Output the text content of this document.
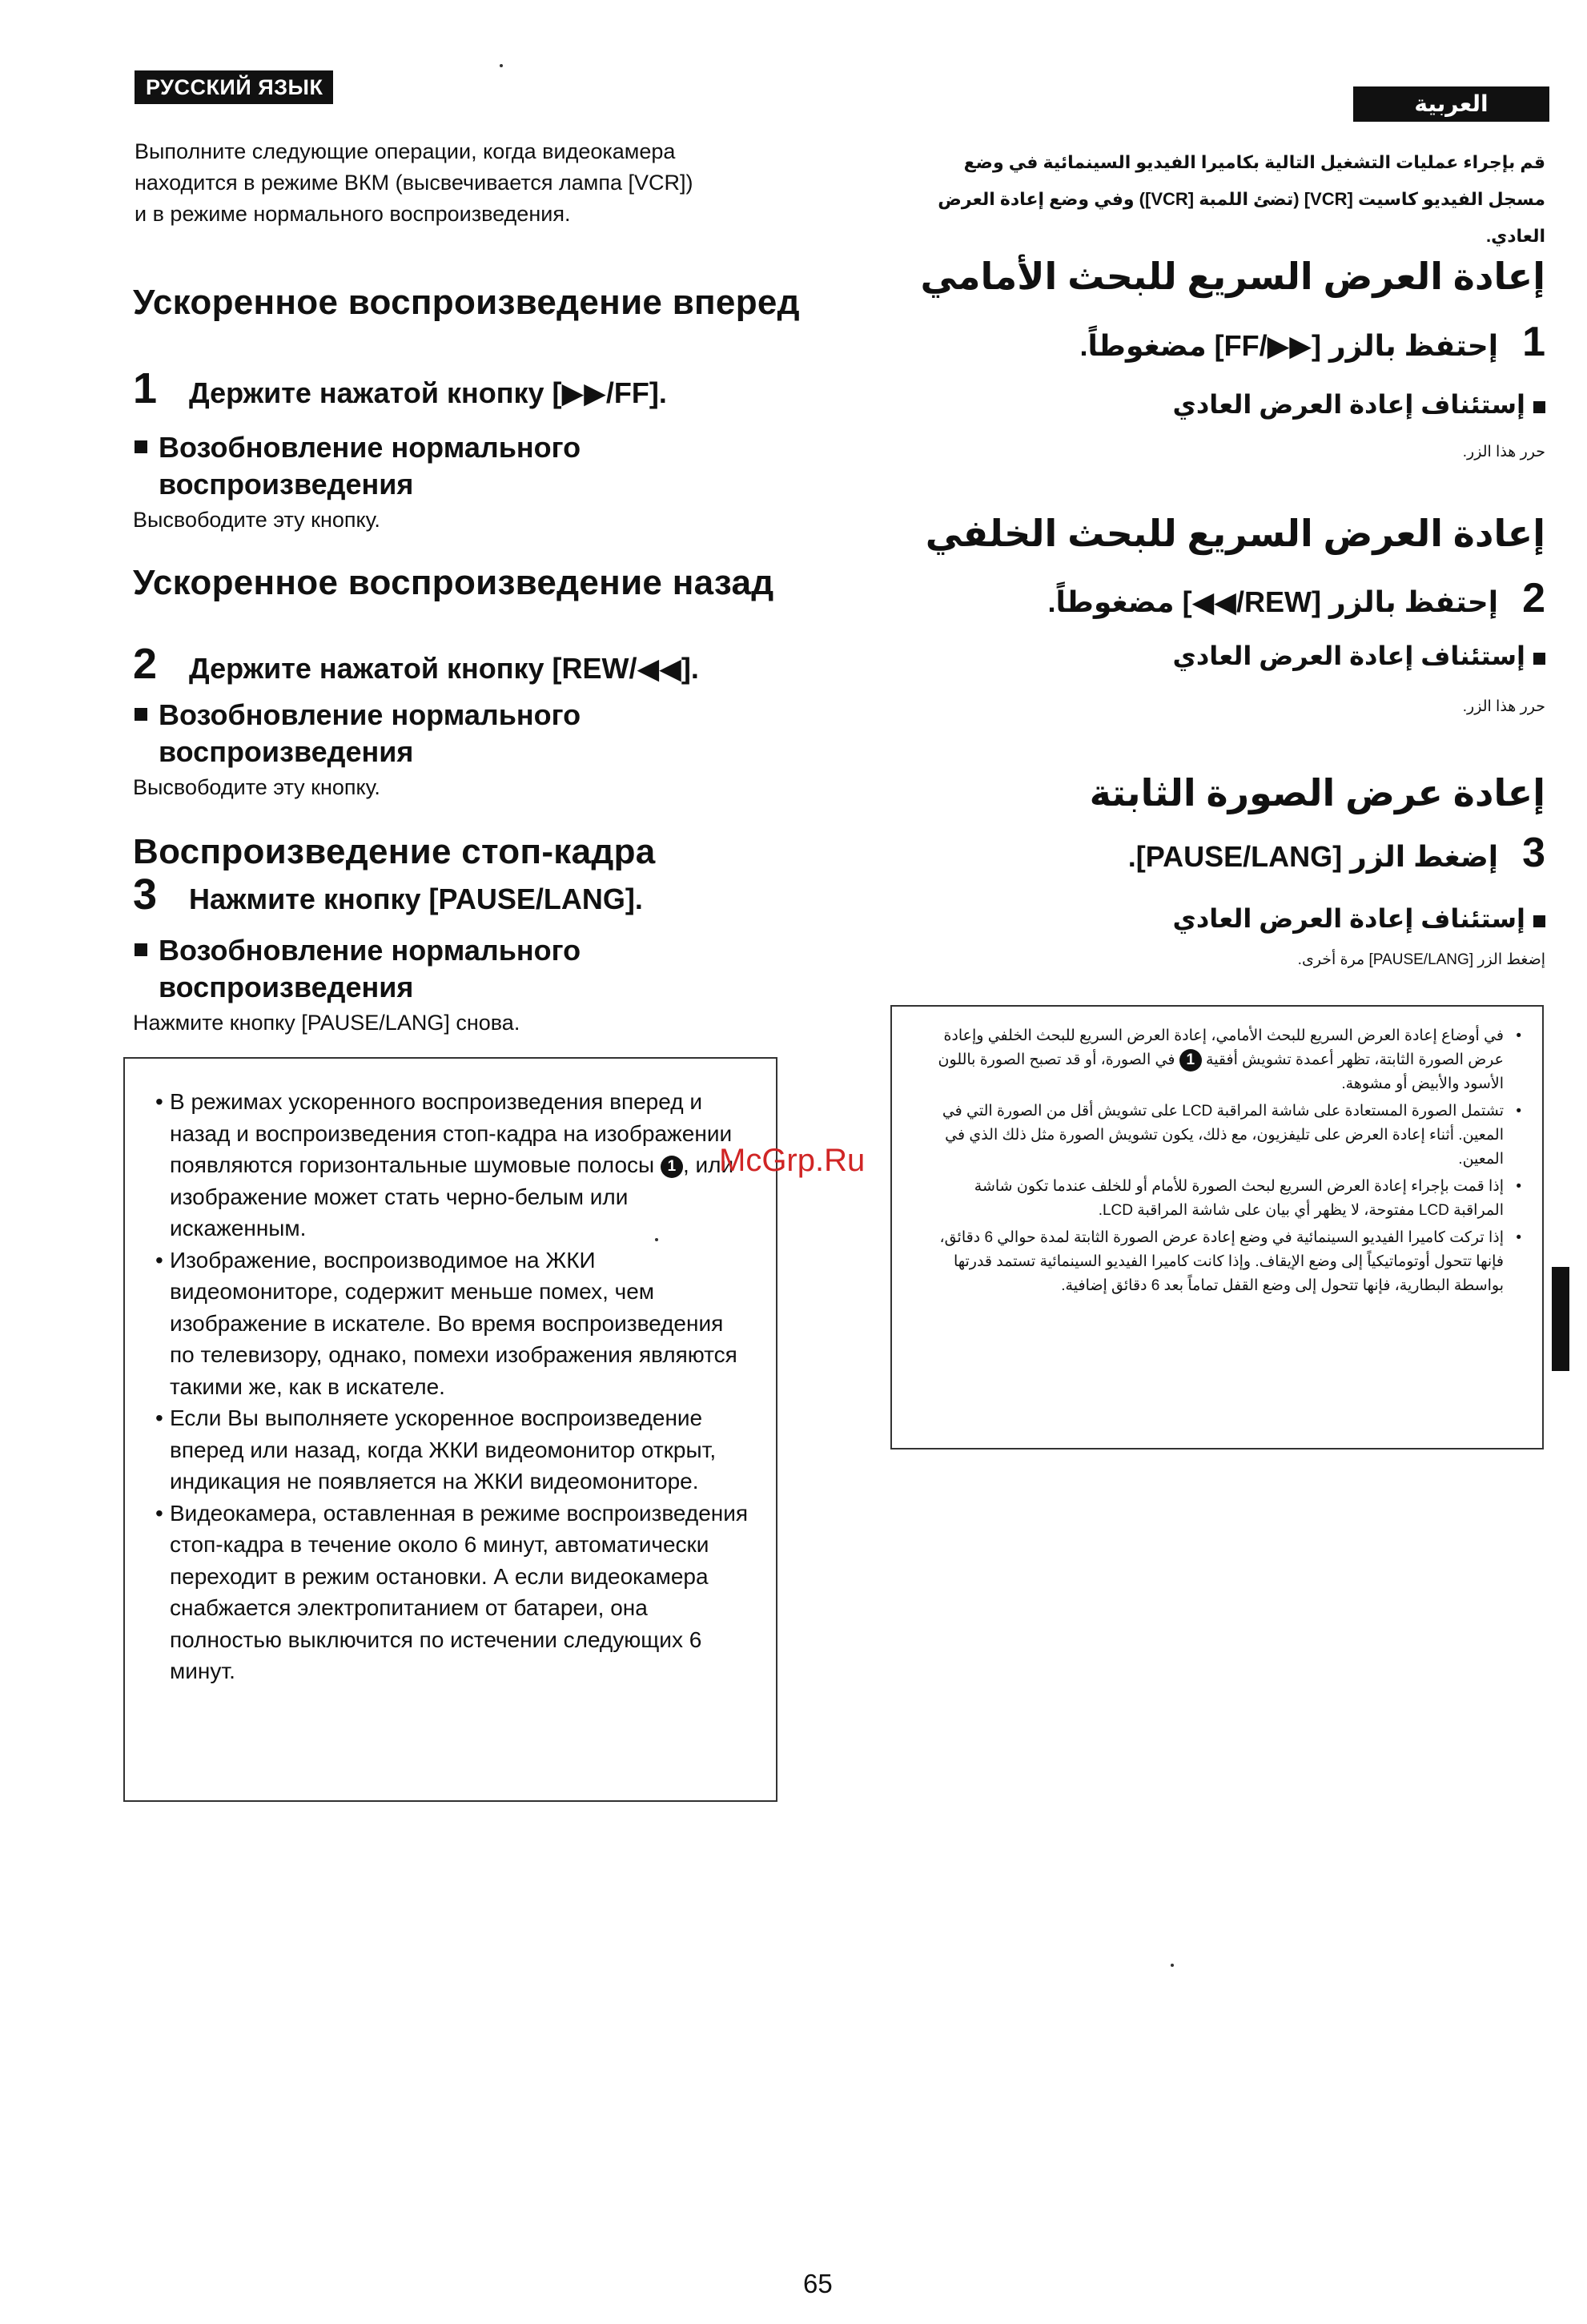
РУССКИЙ ЯЗЫК
Выполните следующие операции, когда видеокамера находится в режиме ВКМ (высвечивается лампа [VCR]) и в режиме нормального воспроизведения.
Ускоренное воспроизведение вперед
1	Держите нажатой кнопку [▶▶/FF].
Возобновление нормального воспроизведения
Высвободите эту кнопку.
Ускоренное воспроизведение назад
2	Держите нажатой кнопку [REW/◀◀].
Возобновление нормального воспроизведения
Высвободите эту кнопку.
Воспроизведение стоп-кадра
3	Нажмите кнопку [PAUSE/LANG].
Возобновление нормального воспроизведения
Нажмите кнопку [PAUSE/LANG] снова.
• В режимах ускоренного воспроизведения вперед и назад и воспроизведения стоп-кадра на изображении появляются горизонтальные шумовые полосы 1 , или изображение может стать черно-белым или искаженным.
• Изображение, воспроизводимое на ЖКИ видеомониторе, содержит меньше помех, чем изображение в искателе. Во время воспроизведения по телевизору, однако, помехи изображения являются такими же, как в искателе.
• Если Вы выполняете ускоренное воспроизведение вперед или назад, когда ЖКИ видеомонитор открыт, индикация не появляется на ЖКИ видеомониторе.
• Видеокамера, оставленная в режиме воспроизведения стоп-кадра в течение около 6 минут, автоматически переходит в режим остановки. А если видеокамера снабжается электропитанием от батареи, она полностью выключится по истечении следующих 6 минут.
العربية
قم بإجراء عمليات التشغيل التالية بكاميرا الفيديو السينمائية في وضع مسجل الفيديو كاسيت [VCR] (تضئ اللمبة [VCR]) وفي وضع إعادة العرض العادي.
إعادة العرض السريع للبحث الأمامي
1إحتفظ بالزر [▶▶/FF] مضغوطاً.
إستئناف إعادة العرض العادي
حرر هذا الزر.
إعادة العرض السريع للبحث الخلفي
2إحتفظ بالزر [REW/◀◀] مضغوطاً.
إستئناف إعادة العرض العادي
حرر هذا الزر.
إعادة عرض الصورة الثابتة
3إضغط الزر [PAUSE/LANG].
إستئناف إعادة العرض العادي
إضغط الزر [PAUSE/LANG] مرة أخرى.
• في أوضاع إعادة العرض السريع للبحث الأمامي، إعادة العرض السريع للبحث الخلفي وإعادة عرض الصورة الثابتة، تظهر أعمدة تشويش أفقية 1 في الصورة، أو قد تصبح الصورة باللون الأسود والأبيض أو مشوهة.
• تشتمل الصورة المستعادة على شاشة المراقبة LCD على تشويش أقل من الصورة التي في المعين. أثناء إعادة العرض على تليفزيون، مع ذلك، يكون تشويش الصورة مثل ذلك الذي في المعين.
• إذا قمت بإجراء إعادة العرض السريع لبحث الصورة للأمام أو للخلف عندما تكون شاشة المراقبة LCD مفتوحة، لا يظهر أي بيان على شاشة المراقبة LCD.
• إذا تركت كاميرا الفيديو السينمائية في وضع إعادة عرض الصورة الثابتة لمدة حوالي 6 دقائق، فإنها تتحول أوتوماتيكياً إلى وضع الإيقاف. وإذا كانت كاميرا الفيديو السينمائية تستمد قدرتها بواسطة البطارية، فإنها تتحول إلى وضع القفل تماماً بعد 6 دقائق إضافية.
McGrp.Ru
65
